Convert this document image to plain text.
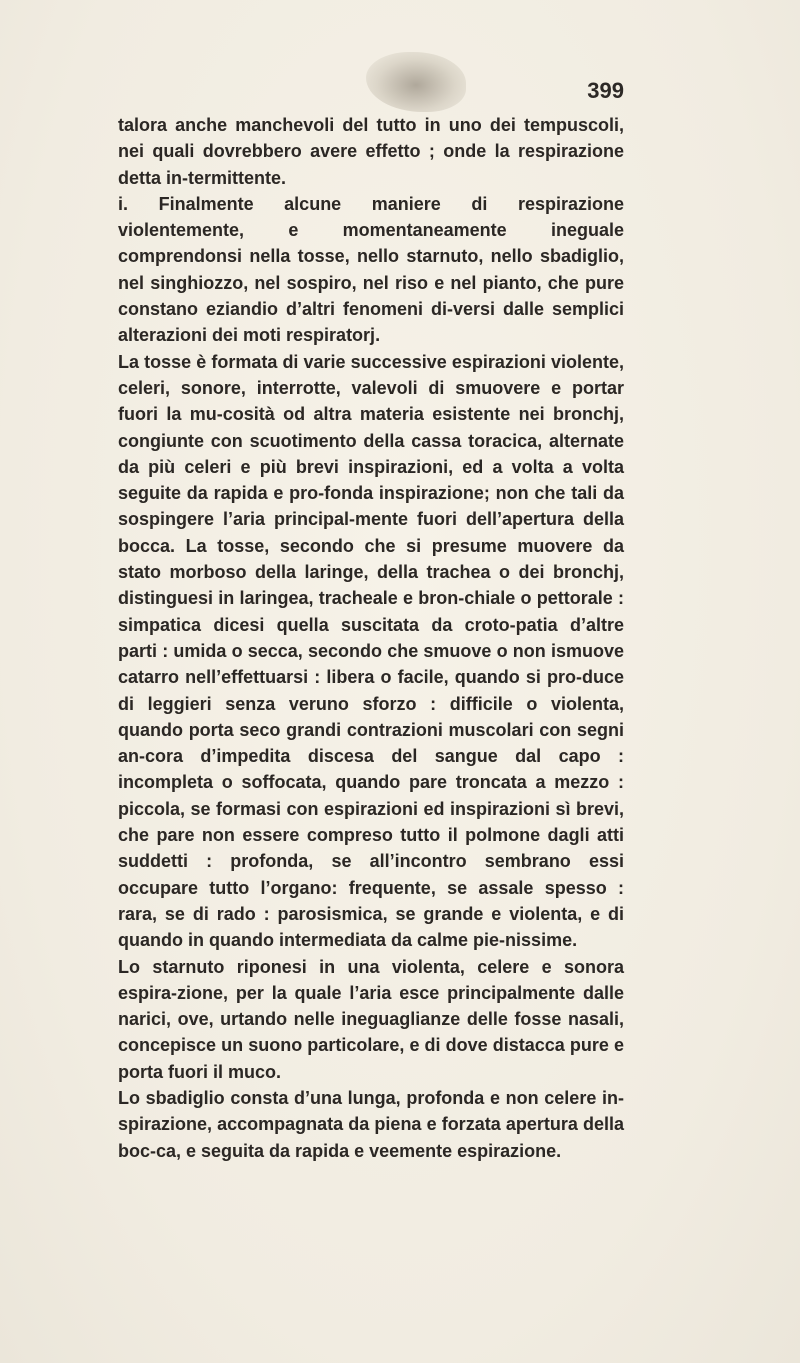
399

talora anche manchevoli del tutto in uno dei tempuscoli, nei quali dovrebbero avere effetto ; onde la respirazione detta in-termittente.

i. Finalmente alcune maniere di respirazione violentemente, e momentaneamente ineguale comprendonsi nella tosse, nello starnuto, nello sbadiglio, nel singhiozzo, nel sospiro, nel riso e nel pianto, che pure constano eziandio d’altri fenomeni di-versi dalle semplici alterazioni dei moti respiratorj.

La tosse è formata di varie successive espirazioni violente, celeri, sonore, interrotte, valevoli di smuovere e portar fuori la mu-cosità od altra materia esistente nei bronchj, congiunte con scuotimento della cassa toracica, alternate da più celeri e più brevi inspirazioni, ed a volta a volta seguite da rapida e pro-fonda inspirazione; non che tali da sospingere l’aria principal-mente fuori dell’apertura della bocca. La tosse, secondo che si presume muovere da stato morboso della laringe, della trachea o dei bronchj, distinguesi in laringea, tracheale e bron-chiale o pettorale : simpatica dicesi quella suscitata da croto-patia d’altre parti : umida o secca, secondo che smuove o non ismuove catarro nell’effettuarsi : libera o facile, quando si pro-duce di leggieri senza veruno sforzo : difficile o violenta, quando porta seco grandi contrazioni muscolari con segni an-cora d’impedita discesa del sangue dal capo : incompleta o soffocata, quando pare troncata a mezzo : piccola, se formasi con espirazioni ed inspirazioni sì brevi, che pare non essere compreso tutto il polmone dagli atti suddetti : profonda, se all’incontro sembrano essi occupare tutto l’organo: frequente, se assale spesso : rara, se di rado : parosismica, se grande e violenta, e di quando in quando intermediata da calme pie-nissime.

Lo starnuto riponesi in una violenta, celere e sonora espira-zione, per la quale l’aria esce principalmente dalle narici, ove, urtando nelle ineguaglianze delle fosse nasali, concepisce un suono particolare, e di dove distacca pure e porta fuori il muco.

Lo sbadiglio consta d’una lunga, profonda e non celere in-spirazione, accompagnata da piena e forzata apertura della boc-ca, e seguita da rapida e veemente espirazione.
